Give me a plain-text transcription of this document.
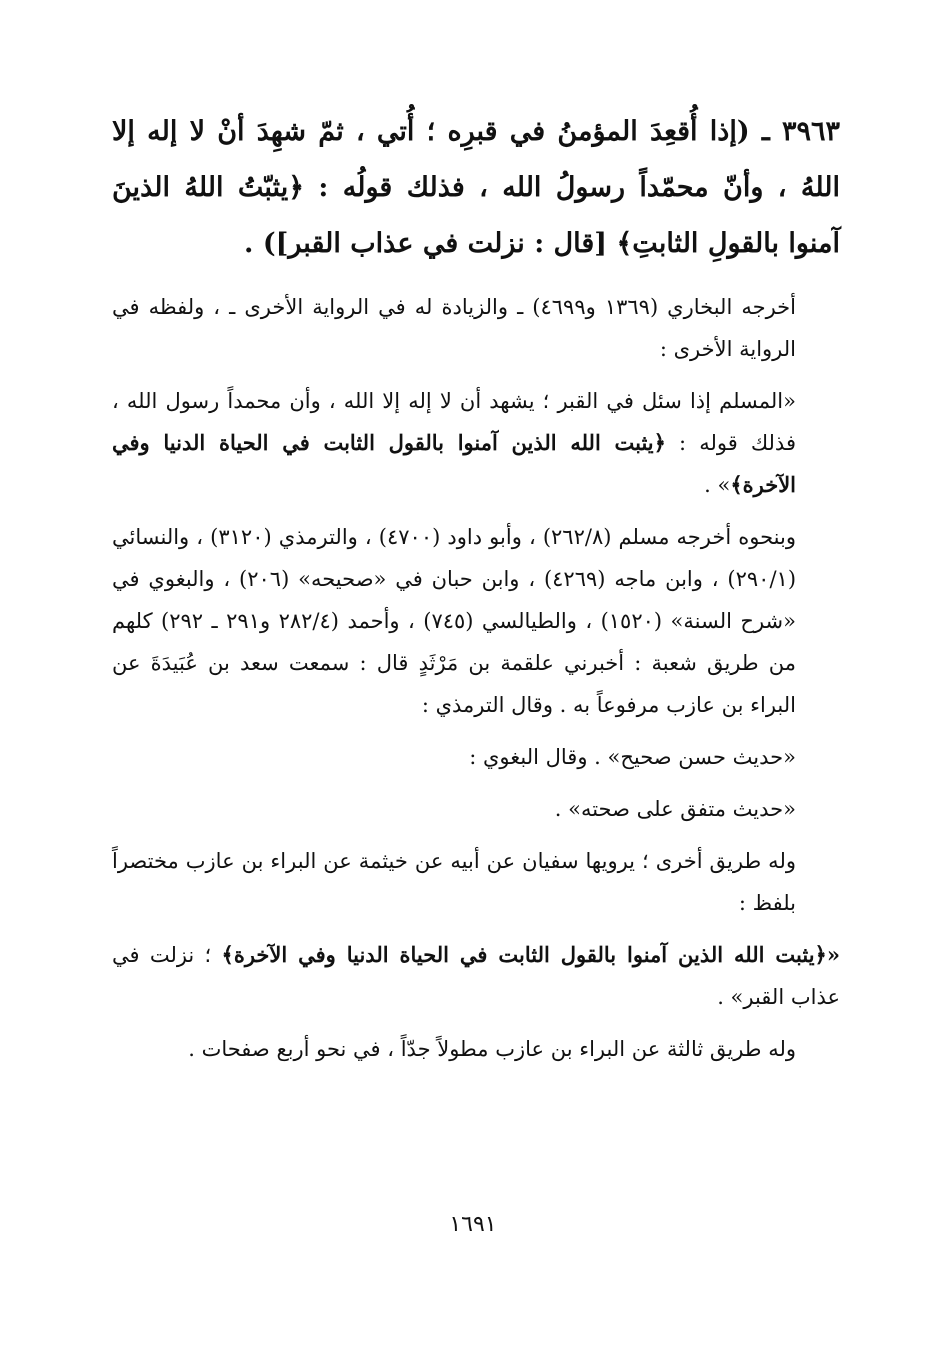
٣٩٦٣ ـ (إذا أُقعِدَ المؤمنُ في قبرِه ؛ أُتي ، ثمّ شهِدَ أنْ لا إله إلا اللهُ ، وأنّ محمّداً رسولُ الله ، فذلك قولُه : ﴿يثبّتُ اللهُ الذينَ آمنوا بالقولِ الثابتِ﴾ [قال : نزلت في عذاب القبر]) .

أخرجه البخاري (١٣٦٩ و٤٦٩٩) ـ والزيادة له في الرواية الأخرى ـ ، ولفظه في الرواية الأخرى :

«المسلم إذا سئل في القبر ؛ يشهد أن لا إله إلا الله ، وأن محمداً رسول الله ، فذلك قوله : ﴿يثبت الله الذين آمنوا بالقول الثابت في الحياة الدنيا وفي الآخرة﴾» .

وبنحوه أخرجه مسلم (٢٦٢/٨) ، وأبو داود (٤٧٠٠) ، والترمذي (٣١٢٠) ، والنسائي (٢٩٠/١) ، وابن ماجه (٤٢٦٩) ، وابن حبان في «صحيحه» (٢٠٦) ، والبغوي في «شرح السنة» (١٥٢٠) ، والطيالسي (٧٤٥) ، وأحمد (٢٨٢/٤ و٢٩١ ـ ٢٩٢) كلهم من طريق شعبة : أخبرني علقمة بن مَرْثَدٍ قال : سمعت سعد بن عُبَيدَةَ عن البراء بن عازب مرفوعاً به . وقال الترمذي :

«حديث حسن صحيح» . وقال البغوي :

«حديث متفق على صحته» .

وله طريق أخرى ؛ يرويها سفيان عن أبيه عن خيثمة عن البراء بن عازب مختصراً بلفظ :

«﴿يثبت الله الذين آمنوا بالقول الثابت في الحياة الدنيا وفي الآخرة﴾ ؛ نزلت في عذاب القبر» .

وله طريق ثالثة عن البراء بن عازب مطولاً جدّاً ، في نحو أربع صفحات .

١٦٩١
